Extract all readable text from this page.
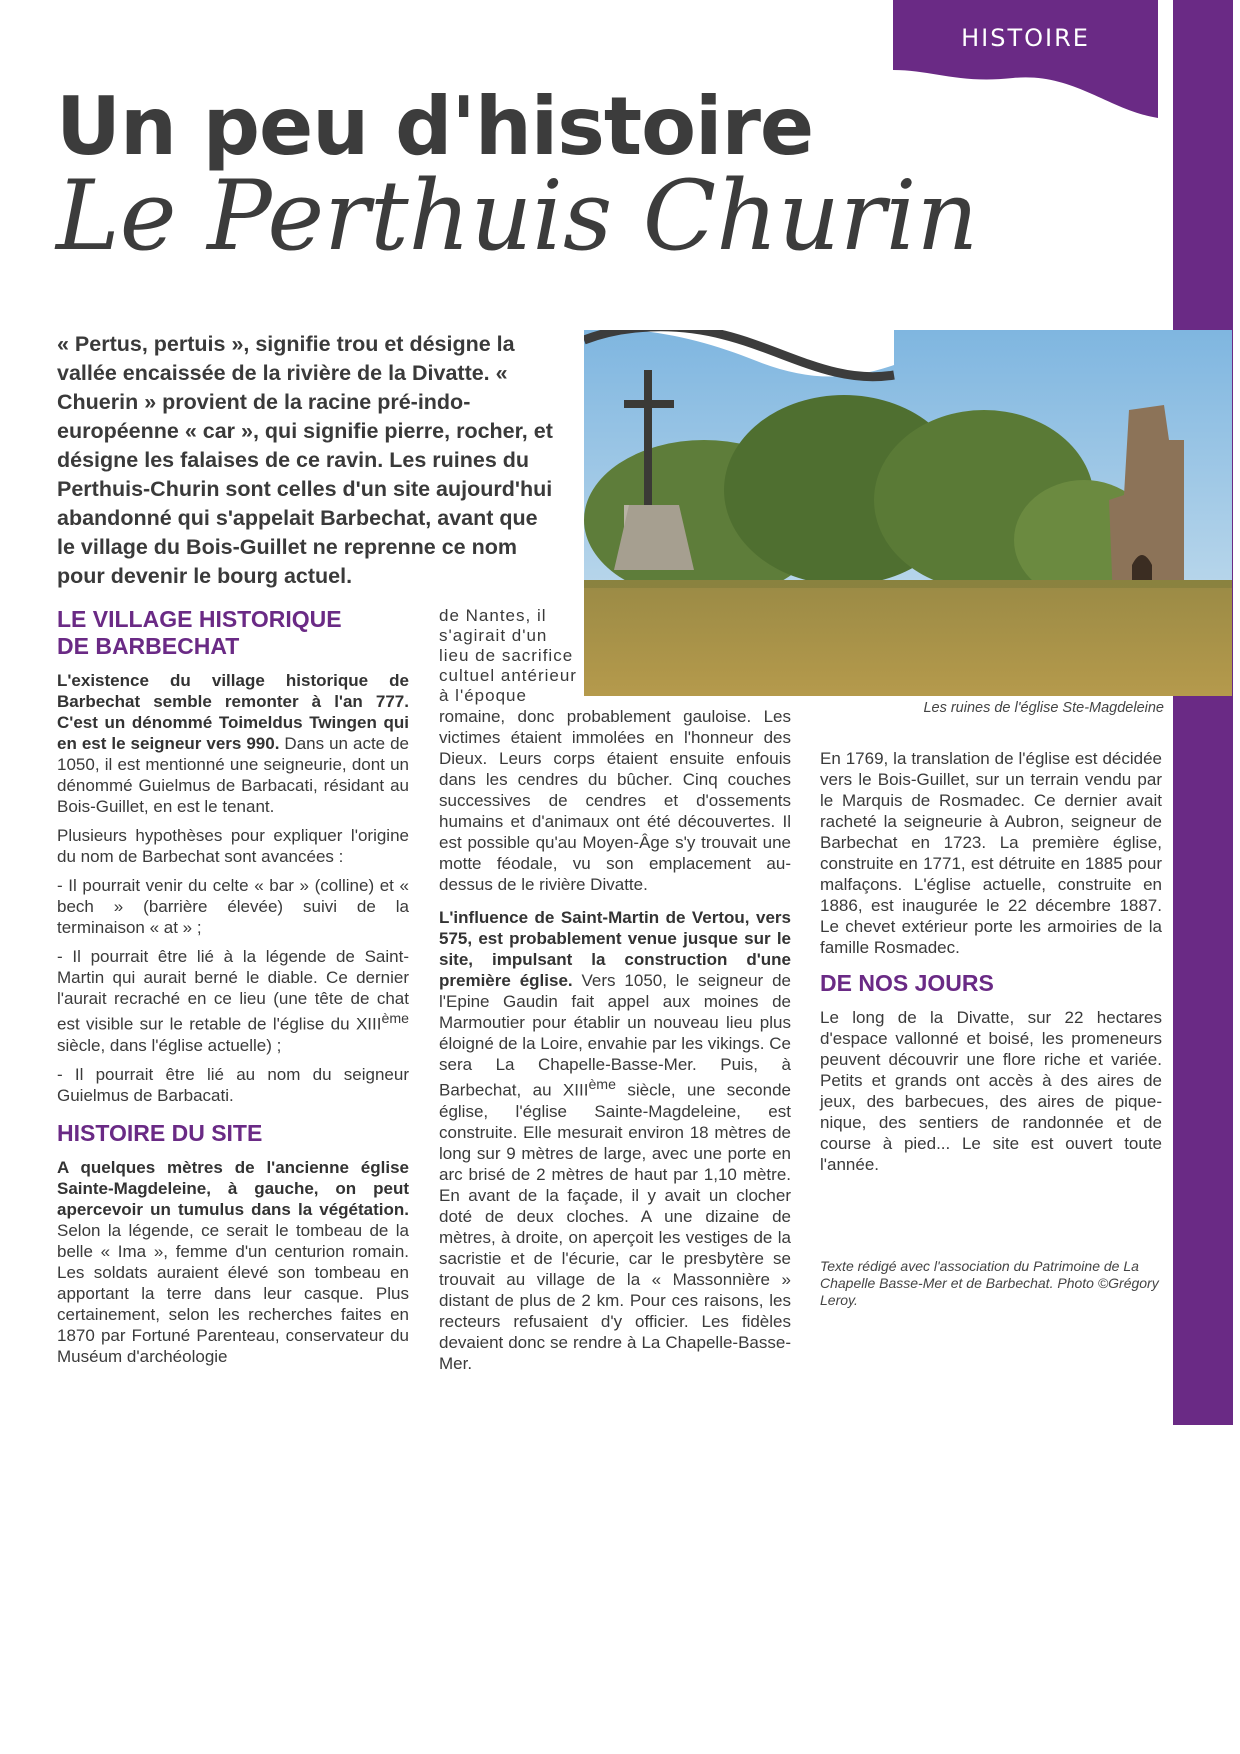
HISTOIRE
Un peu d'histoire
Le Perthuis Churin

« Pertus, pertuis », signifie trou et désigne la vallée encaissée de la rivière de la Divatte. « Chuerin » provient de la racine pré-indo-européenne « car », qui signifie pierre, rocher, et désigne les falaises de ce ravin. Les ruines du Perthuis-Churin sont celles d'un site aujourd'hui abandonné qui s'appelait Barbechat, avant que le village du Bois-Guillet ne reprenne ce nom pour devenir le bourg actuel.

Les ruines de l'église Ste-Magdeleine
LE VILLAGE HISTORIQUE
DE BARBECHAT

L'existence du village historique de Barbechat semble remonter à l'an 777. C'est un dénommé Toimeldus Twingen qui en est le seigneur vers 990. Dans un acte de 1050, il est mentionné une seigneurie, dont un dénommé Guielmus de Barbacati, résidant au Bois-Guillet, en est le tenant.

Plusieurs hypothèses pour expliquer l'origine du nom de Barbechat sont avancées :

- Il pourrait venir du celte « bar » (colline) et « bech » (barrière élevée) suivi de la terminaison « at » ;

- Il pourrait être lié à la légende de Saint-Martin qui aurait berné le diable. Ce dernier l'aurait recraché en ce lieu (une tête de chat est visible sur le retable de l'église du XIIIème siècle, dans l'église actuelle) ;

- Il pourrait être lié au nom du seigneur Guielmus de Barbacati.

HISTOIRE DU SITE

A quelques mètres de l'ancienne église Sainte-Magdeleine, à gauche, on peut apercevoir un tumulus dans la végétation. Selon la légende, ce serait le tombeau de la belle « Ima », femme d'un centurion romain. Les soldats auraient élevé son tombeau en apportant la terre dans leur casque. Plus certainement, selon les recherches faites en 1870 par Fortuné Parenteau, conservateur du Muséum d'archéologie

de Nantes, il s'agirait d'un lieu de sacrifice cultuel antérieur à l'époque

romaine, donc probablement gauloise. Les victimes étaient immolées en l'honneur des Dieux. Leurs corps étaient ensuite enfouis dans les cendres du bûcher. Cinq couches successives de cendres et d'ossements humains et d'animaux ont été découvertes. Il est possible qu'au Moyen-Âge s'y trouvait une motte féodale, vu son emplacement au-dessus de le rivière Divatte.

L'influence de Saint-Martin de Vertou, vers 575, est probablement venue jusque sur le site, impulsant la construction d'une première église. Vers 1050, le seigneur de l'Epine Gaudin fait appel aux moines de Marmoutier pour établir un nouveau lieu plus éloigné de la Loire, envahie par les vikings. Ce sera La Chapelle-Basse-Mer. Puis, à Barbechat, au XIIIème siècle, une seconde église, l'église Sainte-Magdeleine, est construite. Elle mesurait environ 18 mètres de long sur 9 mètres de large, avec une porte en arc brisé de 2 mètres de haut par 1,10 mètre. En avant de la façade, il y avait un clocher doté de deux cloches. A une dizaine de mètres, à droite, on aperçoit les vestiges de la sacristie et de l'écurie, car le presbytère se trouvait au village de la « Massonnière » distant de plus de 2 km. Pour ces raisons, les recteurs refusaient d'y officier. Les fidèles devaient donc se rendre à La Chapelle-Basse-Mer.

En 1769, la translation de l'église est décidée vers le Bois-Guillet, sur un terrain vendu par le Marquis de Rosmadec. Ce dernier avait racheté la seigneurie à Aubron, seigneur de Barbechat en 1723. La première église, construite en 1771, est détruite en 1885 pour malfaçons. L'église actuelle, construite en 1886, est inaugurée le 22 décembre 1887. Le chevet extérieur porte les armoiries de la famille Rosmadec.

DE NOS JOURS

Le long de la Divatte, sur 22 hectares d'espace vallonné et boisé, les promeneurs peuvent découvrir une flore riche et variée. Petits et grands ont accès à des aires de jeux, des barbecues, des aires de pique-nique, des sentiers de randonnée et de course à pied... Le site est ouvert toute l'année.

Texte rédigé avec l'association du Patrimoine de La Chapelle Basse-Mer et de Barbechat. Photo ©Grégory Leroy.
